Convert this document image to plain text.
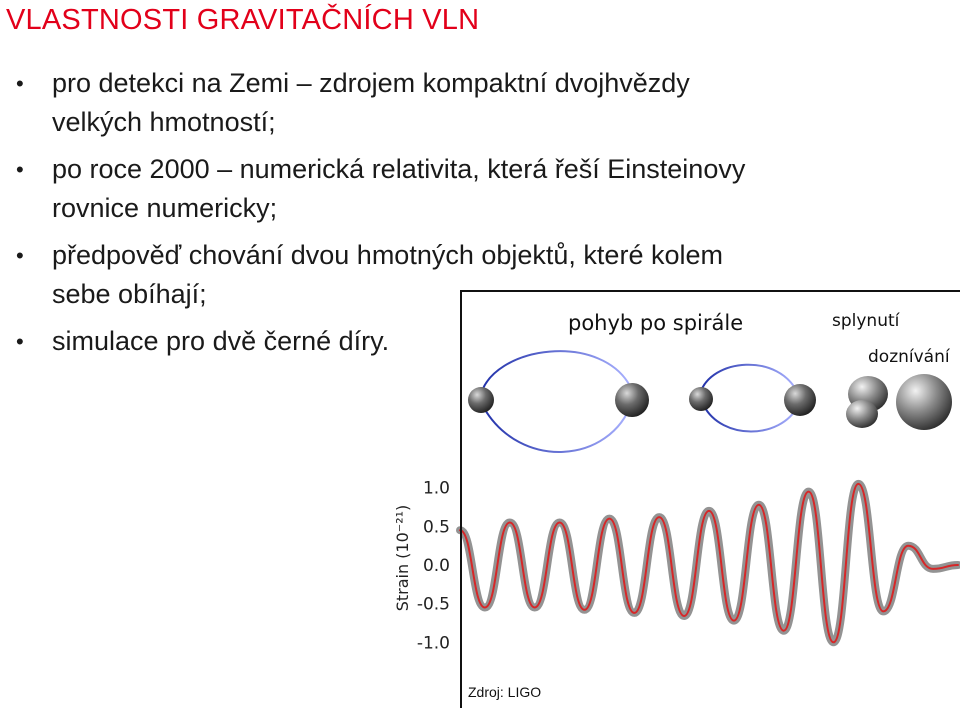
VLASTNOSTI GRAVITAČNÍCH VLN
• pro detekci na Zemi – zdrojem kompaktní dvojhvězdy
velkých hmotností;
• po roce 2000 – numerická relativita, která řeší Einsteinovy
rovnice numericky;
• předpověď chování dvou hmotných objektů, které kolem
sebe obíhají;
• simulace pro dvě černé díry.
pohyb po spirále	splynutí
doznívání
1.0
0.5
0.0
-0.5
-1.0
Strain (10⁻²¹)
Zdroj: LIGO
